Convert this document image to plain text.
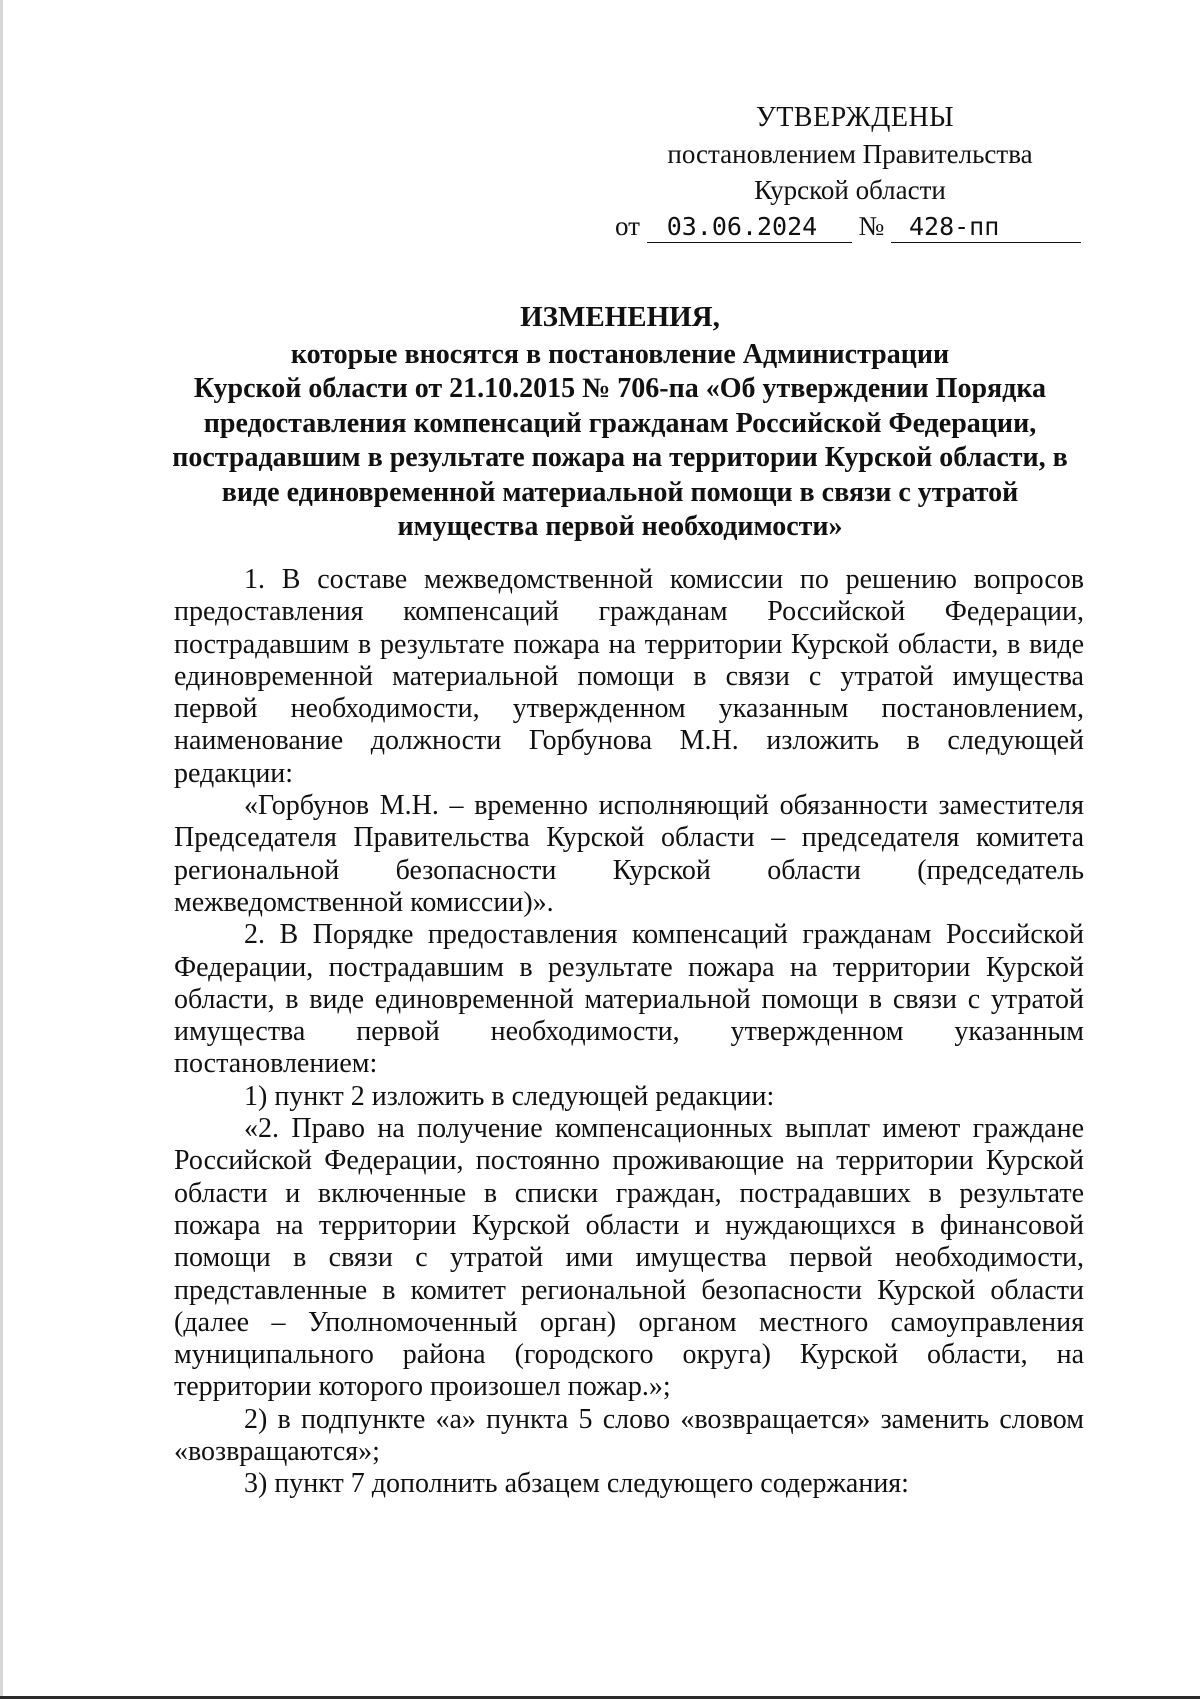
УТВЕРЖДЕНЫ
постановлением Правительства
Курской области
от 03.06.2024 № 428-пп
ИЗМЕНЕНИЯ,
которые вносятся в постановление Администрации
Курской области от 21.10.2015 № 706-па «Об утверждении Порядка
предоставления компенсаций гражданам Российской Федерации,
пострадавшим в результате пожара на территории Курской области, в
виде единовременной материальной помощи в связи с утратой
имущества первой необходимости»

1. В составе межведомственной комиссии по решению вопросов предоставления компенсаций гражданам Российской Федерации, пострадавшим в результате пожара на территории Курской области, в виде единовременной материальной помощи в связи с утратой имущества первой необходимости, утвержденном указанным постановлением, наименование должности Горбунова М.Н. изложить в следующей редакции:

«Горбунов М.Н. – временно исполняющий обязанности заместителя Председателя Правительства Курской области – председателя комитета региональной безопасности Курской области (председатель межведомственной комиссии)».

2. В Порядке предоставления компенсаций гражданам Российской Федерации, пострадавшим в результате пожара на территории Курской области, в виде единовременной материальной помощи в связи с утратой имущества первой необходимости, утвержденном указанным постановлением:

1) пункт 2 изложить в следующей редакции:

«2. Право на получение компенсационных выплат имеют граждане Российской Федерации, постоянно проживающие на территории Курской области и включенные в списки граждан, пострадавших в результате пожара на территории Курской области и нуждающихся в финансовой помощи в связи с утратой ими имущества первой необходимости, представленные в комитет региональной безопасности Курской области (далее – Уполномоченный орган) органом местного самоуправления муниципального района (городского округа) Курской области, на территории которого произошел пожар.»;

2) в подпункте «а» пункта 5 слово «возвращается» заменить словом «возвращаются»;

3) пункт 7 дополнить абзацем следующего содержания:
